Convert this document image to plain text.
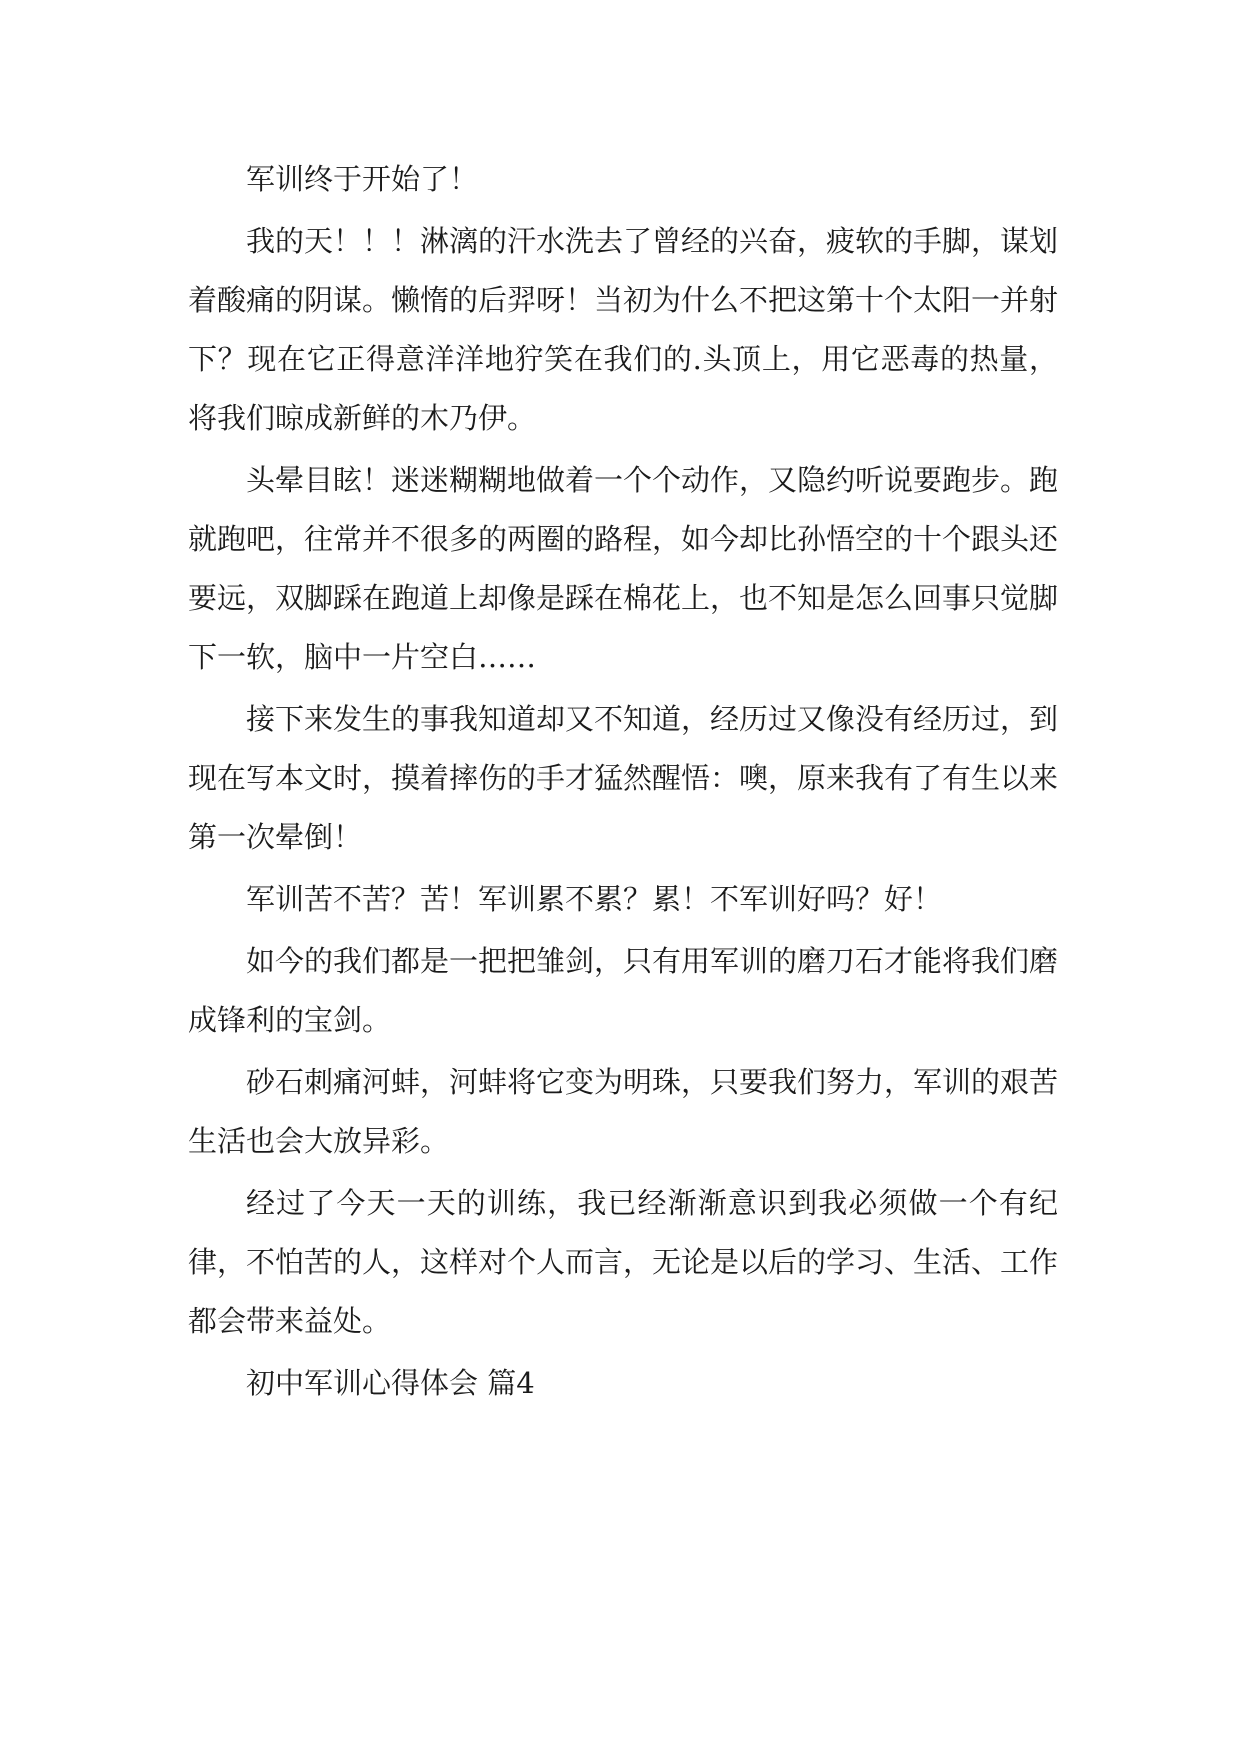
军训终于开始了！

我的天！！！淋漓的汗水洗去了曾经的兴奋，疲软的手脚，谋划着酸痛的阴谋。懒惰的后羿呀！当初为什么不把这第十个太阳一并射下？现在它正得意洋洋地狞笑在我们的.头顶上，用它恶毒的热量，将我们晾成新鲜的木乃伊。

头晕目眩！迷迷糊糊地做着一个个动作，又隐约听说要跑步。跑就跑吧，往常并不很多的两圈的路程，如今却比孙悟空的十个跟头还要远，双脚踩在跑道上却像是踩在棉花上，也不知是怎么回事只觉脚下一软，脑中一片空白……

接下来发生的事我知道却又不知道，经历过又像没有经历过，到现在写本文时，摸着摔伤的手才猛然醒悟：噢，原来我有了有生以来第一次晕倒！

军训苦不苦？苦！军训累不累？累！不军训好吗？好！

如今的我们都是一把把雏剑，只有用军训的磨刀石才能将我们磨成锋利的宝剑。

砂石刺痛河蚌，河蚌将它变为明珠，只要我们努力，军训的艰苦生活也会大放异彩。

经过了今天一天的训练，我已经渐渐意识到我必须做一个有纪律，不怕苦的人，这样对个人而言，无论是以后的学习、生活、工作都会带来益处。

初中军训心得体会 篇4
